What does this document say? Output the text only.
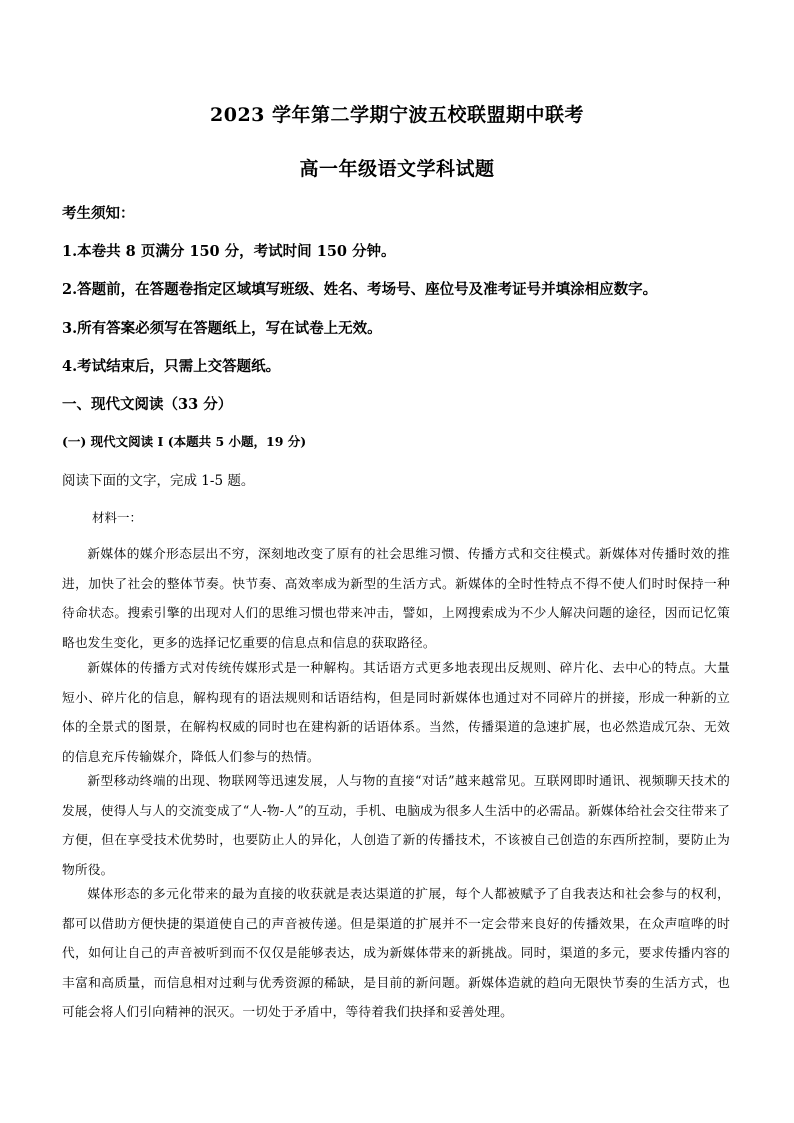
2023 学年第二学期宁波五校联盟期中联考
高一年级语文学科试题
考生须知：
1.本卷共 8 页满分 150 分，考试时间 150 分钟。
2.答题前，在答题卷指定区域填写班级、姓名、考场号、座位号及准考证号并填涂相应数字。
3.所有答案必须写在答题纸上，写在试卷上无效。
4.考试结束后，只需上交答题纸。
一、现代文阅读（33 分）
(一) 现代文阅读 I (本题共 5 小题，19 分)
阅读下面的文字，完成 1-5 题。
材料一：
新媒体的媒介形态层出不穷，深刻地改变了原有的社会思维习惯、传播方式和交往模式。新媒体对传播时效的推进，加快了社会的整体节奏。快节奏、高效率成为新型的生活方式。新媒体的全时性特点不得不使人们时时保持一种待命状态。搜索引擎的出现对人们的思维习惯也带来冲击，譬如，上网搜索成为不少人解决问题的途径，因而记忆策略也发生变化，更多的选择记忆重要的信息点和信息的获取路径。
新媒体的传播方式对传统传媒形式是一种解构。其话语方式更多地表现出反规则、碎片化、去中心的特点。大量短小、碎片化的信息，解构现有的语法规则和话语结构，但是同时新媒体也通过对不同碎片的拼接，形成一种新的立体的全景式的图景，在解构权威的同时也在建构新的话语体系。当然，传播渠道的急速扩展，也必然造成冗杂、无效的信息充斥传输媒介，降低人们参与的热情。
新型移动终端的出现、物联网等迅速发展，人与物的直接“对话”越来越常见。互联网即时通讯、视频聊天技术的发展，使得人与人的交流变成了“人-物-人”的互动，手机、电脑成为很多人生活中的必需品。新媒体给社会交往带来了方便，但在享受技术优势时，也要防止人的异化，人创造了新的传播技术，不该被自己创造的东西所控制，要防止为物所役。
媒体形态的多元化带来的最为直接的收获就是表达渠道的扩展，每个人都被赋予了自我表达和社会参与的权利，都可以借助方便快捷的渠道使自己的声音被传递。但是渠道的扩展并不一定会带来良好的传播效果，在众声喧哗的时代，如何让自己的声音被听到而不仅仅是能够表达，成为新媒体带来的新挑战。同时，渠道的多元，要求传播内容的丰富和高质量，而信息相对过剩与优秀资源的稀缺，是目前的新问题。新媒体造就的趋向无限快节奏的生活方式，也可能会将人们引向精神的泯灭。一切处于矛盾中，等待着我们抉择和妥善处理。
